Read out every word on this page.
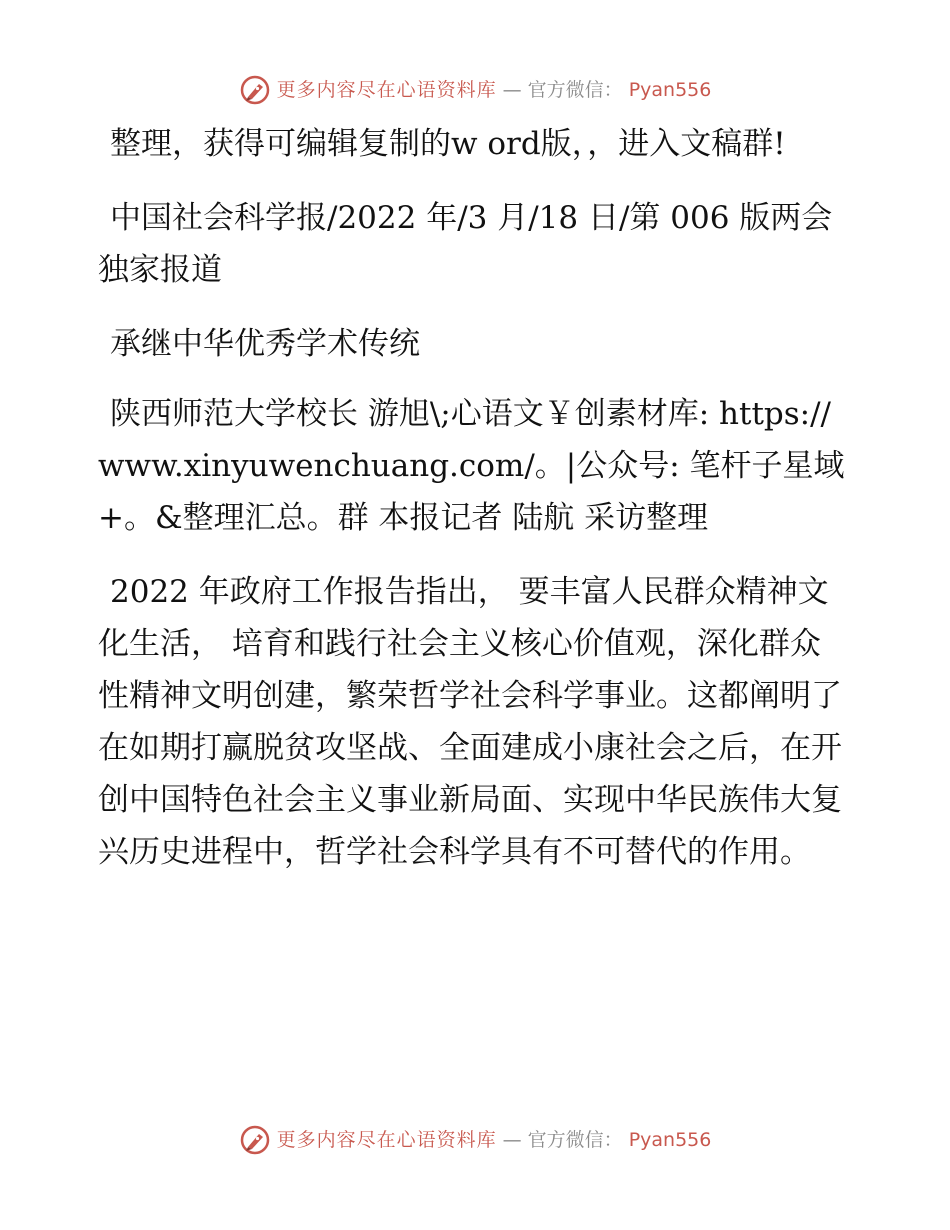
更多内容尽在心语资料库 — 官方微信： Pyan556

整理，获得可编辑复制的w ord版，，进入文稿群!

中国社会科学报/2022 年/3 月/18 日/第 006 版两会独家报道

承继中华优秀学术传统

陕西师范大学校长 游旭\;心语文￥创素材库: https://www.xinyuwenchuang.com/。|公众号: 笔杆子星域+。&整理汇总。群 本报记者 陆航 采访整理

2022 年政府工作报告指出， 要丰富人民群众精神文化生活， 培育和践行社会主义核心价值观，深化群众性精神文明创建，繁荣哲学社会科学事业。这都阐明了在如期打赢脱贫攻坚战、全面建成小康社会之后，在开创中国特色社会主义事业新局面、实现中华民族伟大复兴历史进程中，哲学社会科学具有不可替代的作用。

更多内容尽在心语资料库 — 官方微信： Pyan556
